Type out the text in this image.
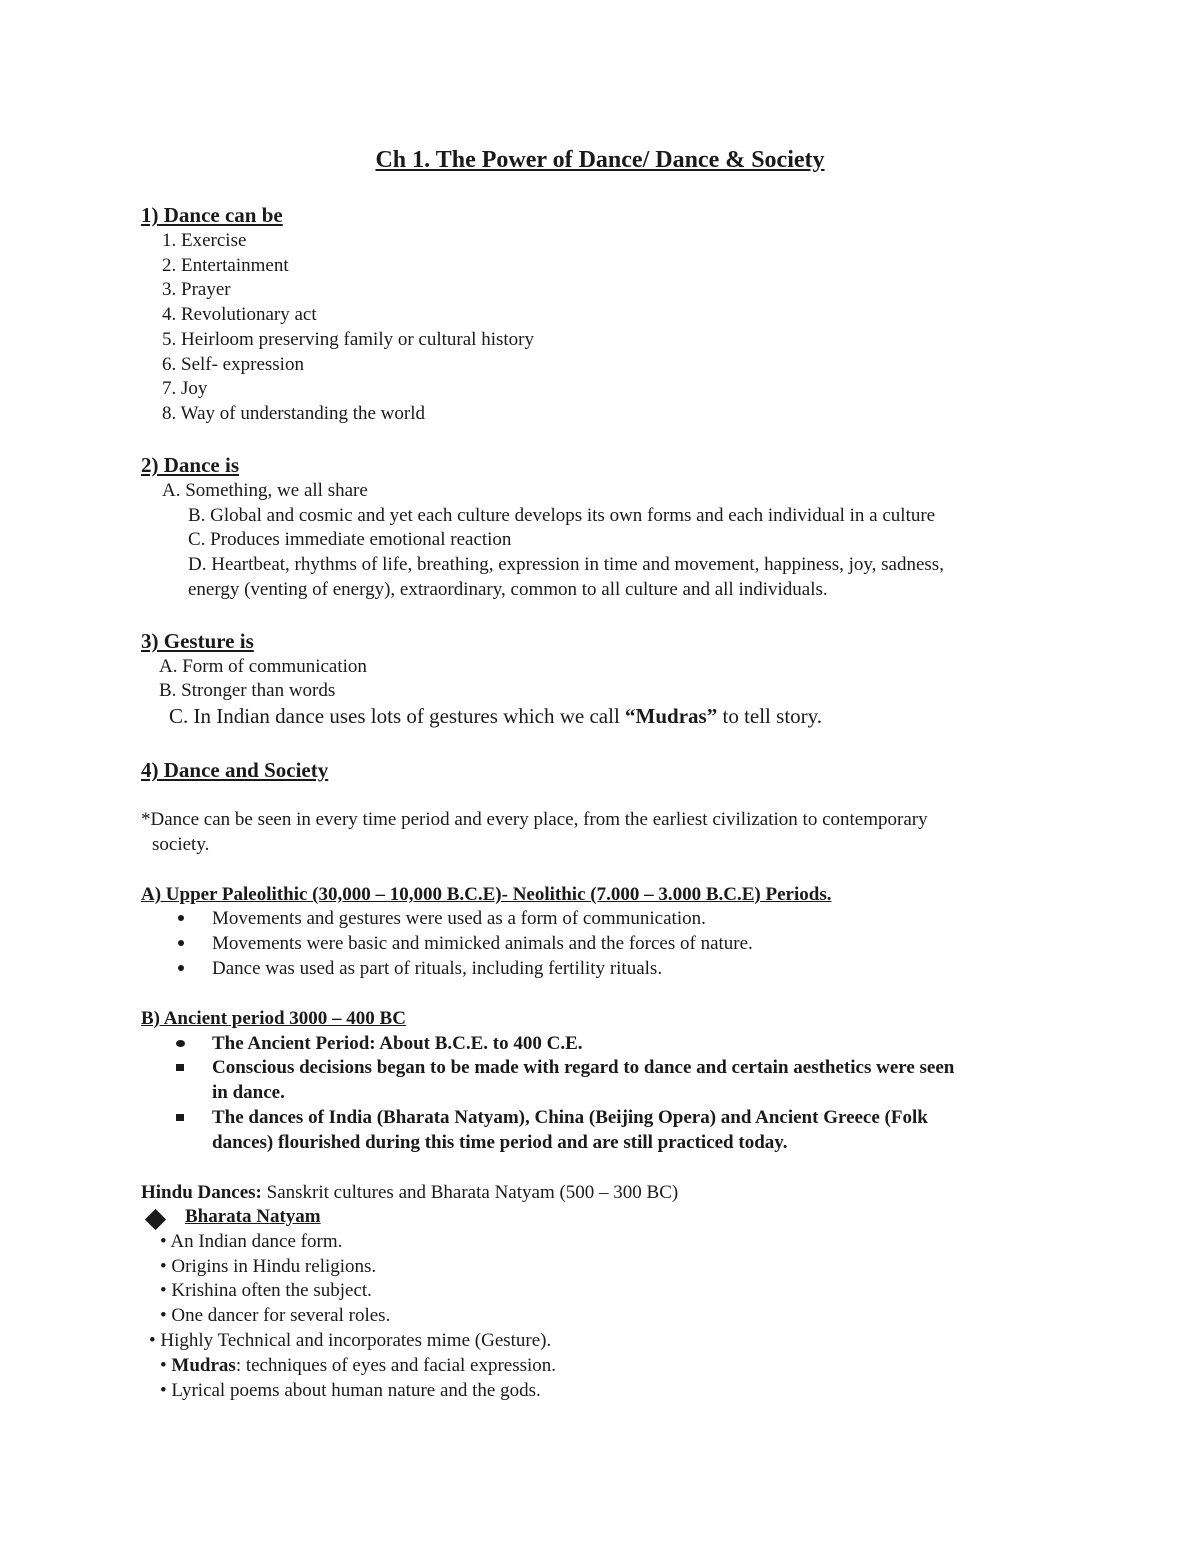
Ch 1. The Power of Dance/ Dance & Society
1) Dance can be
1. Exercise
2. Entertainment
3. Prayer
4. Revolutionary act
5. Heirloom preserving family or cultural history
6. Self- expression
7. Joy
8. Way of understanding the world
2) Dance is
A. Something, we all share
B. Global and cosmic and yet each culture develops its own forms and each individual in a culture
C. Produces immediate emotional reaction
D. Heartbeat, rhythms of life, breathing, expression in time and movement, happiness, joy, sadness,
energy (venting of energy), extraordinary, common to all culture and all individuals.
3) Gesture is
A. Form of communication
B. Stronger than words
C. In Indian dance uses lots of gestures which we call “Mudras” to tell story.
4) Dance and Society
*Dance can be seen in every time period and every place, from the earliest civilization to contemporary
society.
A) Upper Paleolithic (30,000 – 10,000 B.C.E)- Neolithic (7.000 – 3.000 B.C.E) Periods.
Movements and gestures were used as a form of communication.
Movements were basic and mimicked animals and the forces of nature.
Dance was used as part of rituals, including fertility rituals.
B) Ancient period 3000 – 400 BC
The Ancient Period: About B.C.E. to 400 C.E.
Conscious decisions began to be made with regard to dance and certain aesthetics were seen
in dance.
The dances of India (Bharata Natyam), China (Beijing Opera) and Ancient Greece (Folk
dances) flourished during this time period and are still practiced today.
Hindu Dances: Sanskrit cultures and Bharata Natyam (500 – 300 BC)
Bharata Natyam
• An Indian dance form.
• Origins in Hindu religions.
• Krishina often the subject.
• One dancer for several roles.
• Highly Technical and incorporates mime (Gesture).
• Mudras: techniques of eyes and facial expression.
• Lyrical poems about human nature and the gods.
